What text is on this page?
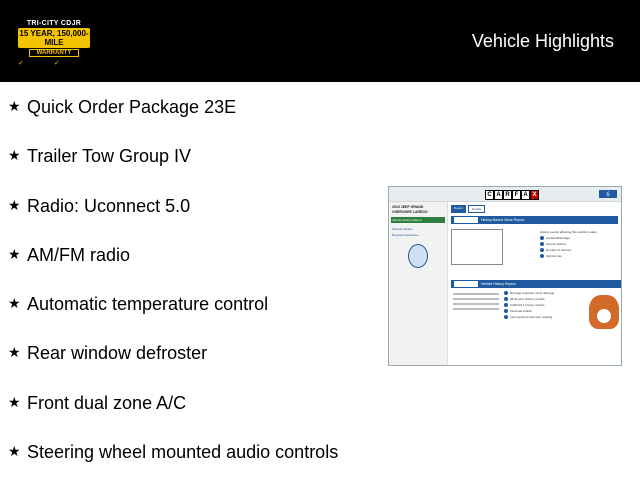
TRI-CITY CDJR
15 YEAR, 150,000-MILE
WARRANTY
✓	✓
Vehicle Highlights
★ Quick Order Package 23E
★ Trailer Tow Group IV
★ Radio: Uconnect 5.0
★ AM/FM radio
★ Automatic temperature control
★ Rear window defroster
★ Front dual zone A/C
★ Steering wheel mounted audio controls
C A R F A X	⎙
2016 JEEP GRAND CHEROKEE LAREDO
Vehicle History Report
Window Sticker
Buyback Guarantee
Report	Details
History-Based Value Report
History events affecting this vehicle's value
Accident/Damage
Service History
Number of Owners
Vehicle Use
Vehicle History Report
Damage reported: minor damage
98 Service history records
CARFAX 1-Owner vehicle
Personal vehicle
Last reported odometer reading
